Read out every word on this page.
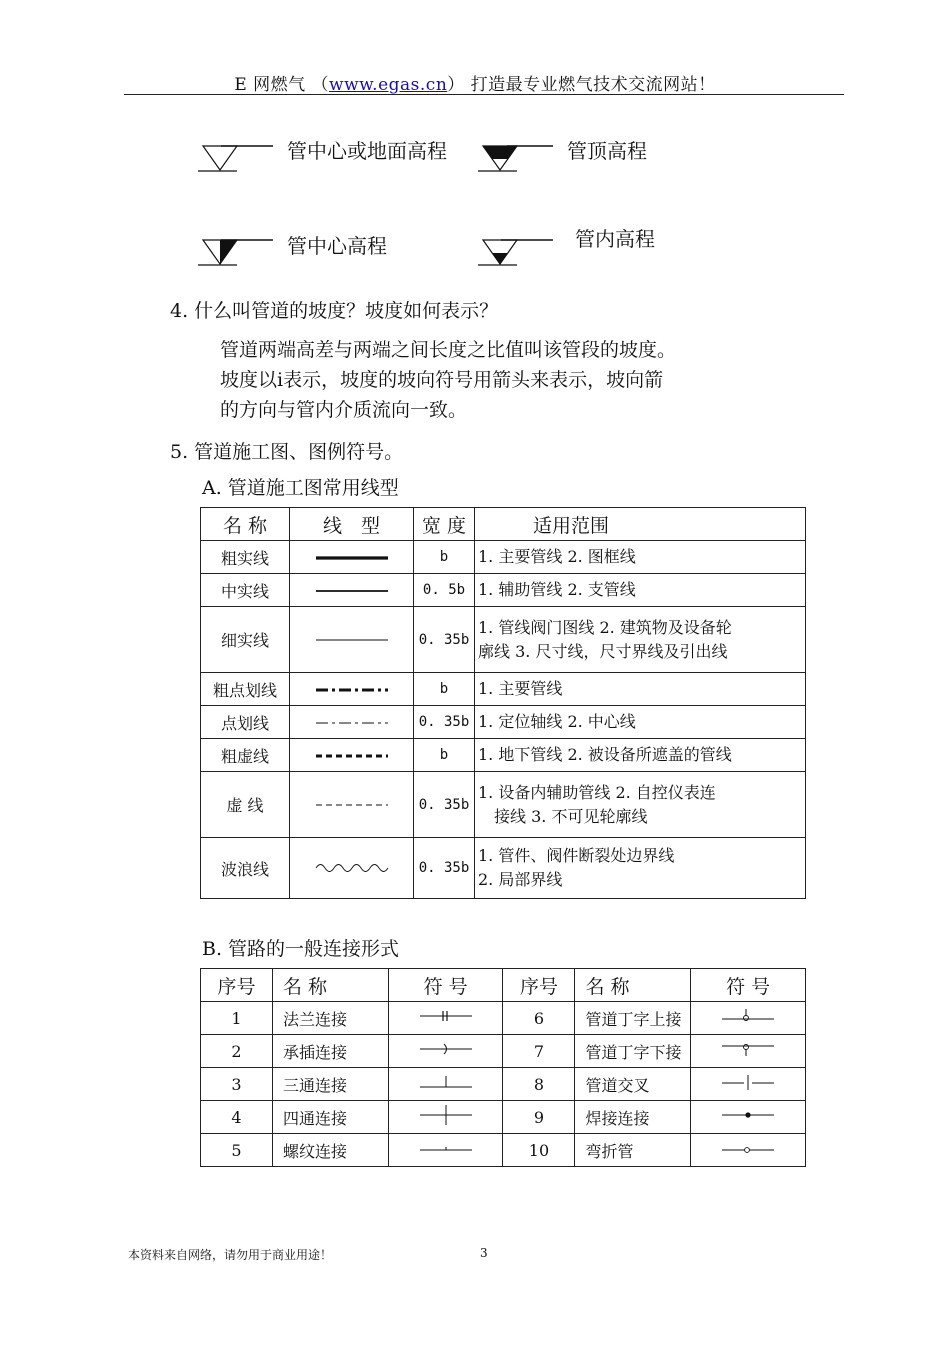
E 网燃气 （www.egas.cn） 打造最专业燃气技术交流网站！
管中心或地面高程	管顶高程
管中心高程	管内高程
4. 什么叫管道的坡度？坡度如何表示？
管道两端高差与两端之间长度之比值叫该管段的坡度。
坡度以i表示，坡度的坡向符号用箭头来表示，坡向箭
的方向与管内介质流向一致。
5. 管道施工图、图例符号。
A. 管道施工图常用线型
名 称	线　型	宽 度	适用范围
粗实线		b	1. 主要管线 2. 图框线

中实线		0. 5b	1. 辅助管线 2. 支管线

细实线		0. 35b	1. 管线阀门图线 2. 建筑物及设备轮
廓线 3. 尺寸线，尺寸界线及引出线

粗点划线		b	1. 主要管线

点划线		0. 35b	1. 定位轴线 2. 中心线

粗虚线		b	1. 地下管线 2. 被设备所遮盖的管线

虚 线		0. 35b	1. 设备内辅助管线 2. 自控仪表连
　接线 3. 不可见轮廓线

波浪线		0. 35b	1. 管件、阀件断裂处边界线
2. 局部界线
B. 管路的一般连接形式
序号	名 称	符 号	序号	名 称	符 号
1	法兰连接		6	管道丁字上接	
2	承插连接		7	管道丁字下接	
3	三通连接		8	管道交叉	
4	四通连接		9	焊接连接	
5	螺纹连接		10	弯折管	
本资料来自网络，请勿用于商业用途！	3
